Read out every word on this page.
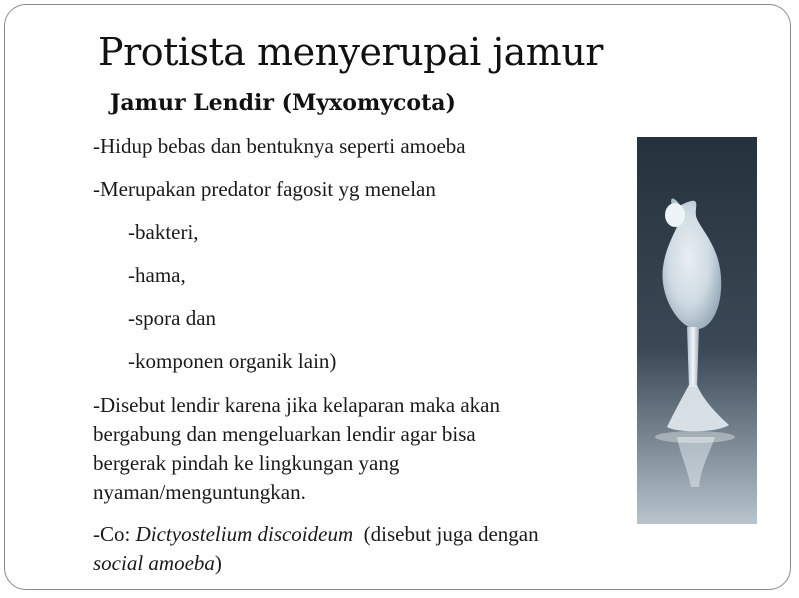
Protista menyerupai jamur
Jamur Lendir (Myxomycota)
-Hidup bebas dan bentuknya seperti amoeba
-Merupakan predator fagosit yg menelan
-bakteri,
-hama,
-spora dan
-komponen organik lain)
-Disebut lendir karena jika kelaparan maka akan
bergabung dan mengeluarkan lendir agar bisa
bergerak pindah ke lingkungan yang
nyaman/menguntungkan.
-Co: Dictyostelium discoideum  (disebut juga dengan
social amoeba)
